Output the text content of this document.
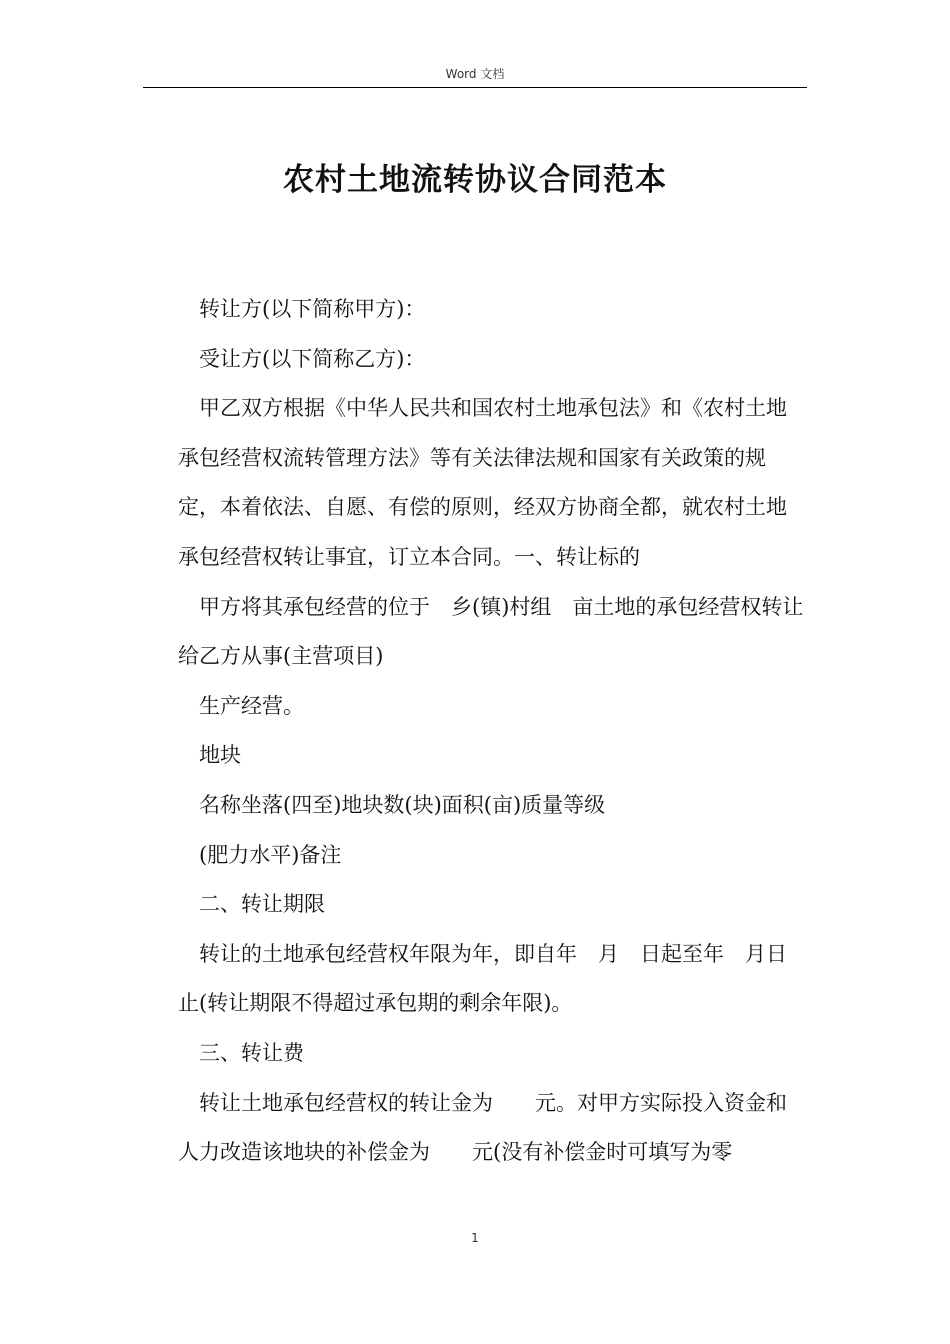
Word 文档
农村土地流转协议合同范本

转让方(以下简称甲方)：

受让方(以下简称乙方)：

甲乙双方根据《中华人民共和国农村土地承包法》和《农村土地承包经营权流转管理方法》等有关法律法规和国家有关政策的规定，本着依法、自愿、有偿的原则，经双方协商全都，就农村土地承包经营权转让事宜，订立本合同。一、转让标的

甲方将其承包经营的位于　乡(镇)村组　亩土地的承包经营权转让给乙方从事(主营项目)

生产经营。

地块

名称坐落(四至)地块数(块)面积(亩)质量等级

(肥力水平)备注

二、转让期限

转让的土地承包经营权年限为年，即自年　月　日起至年　月日止(转让期限不得超过承包期的剩余年限)。

三、转让费

转让土地承包经营权的转让金为　　元。对甲方实际投入资金和人力改造该地块的补偿金为　　元(没有补偿金时可填写为零

1
